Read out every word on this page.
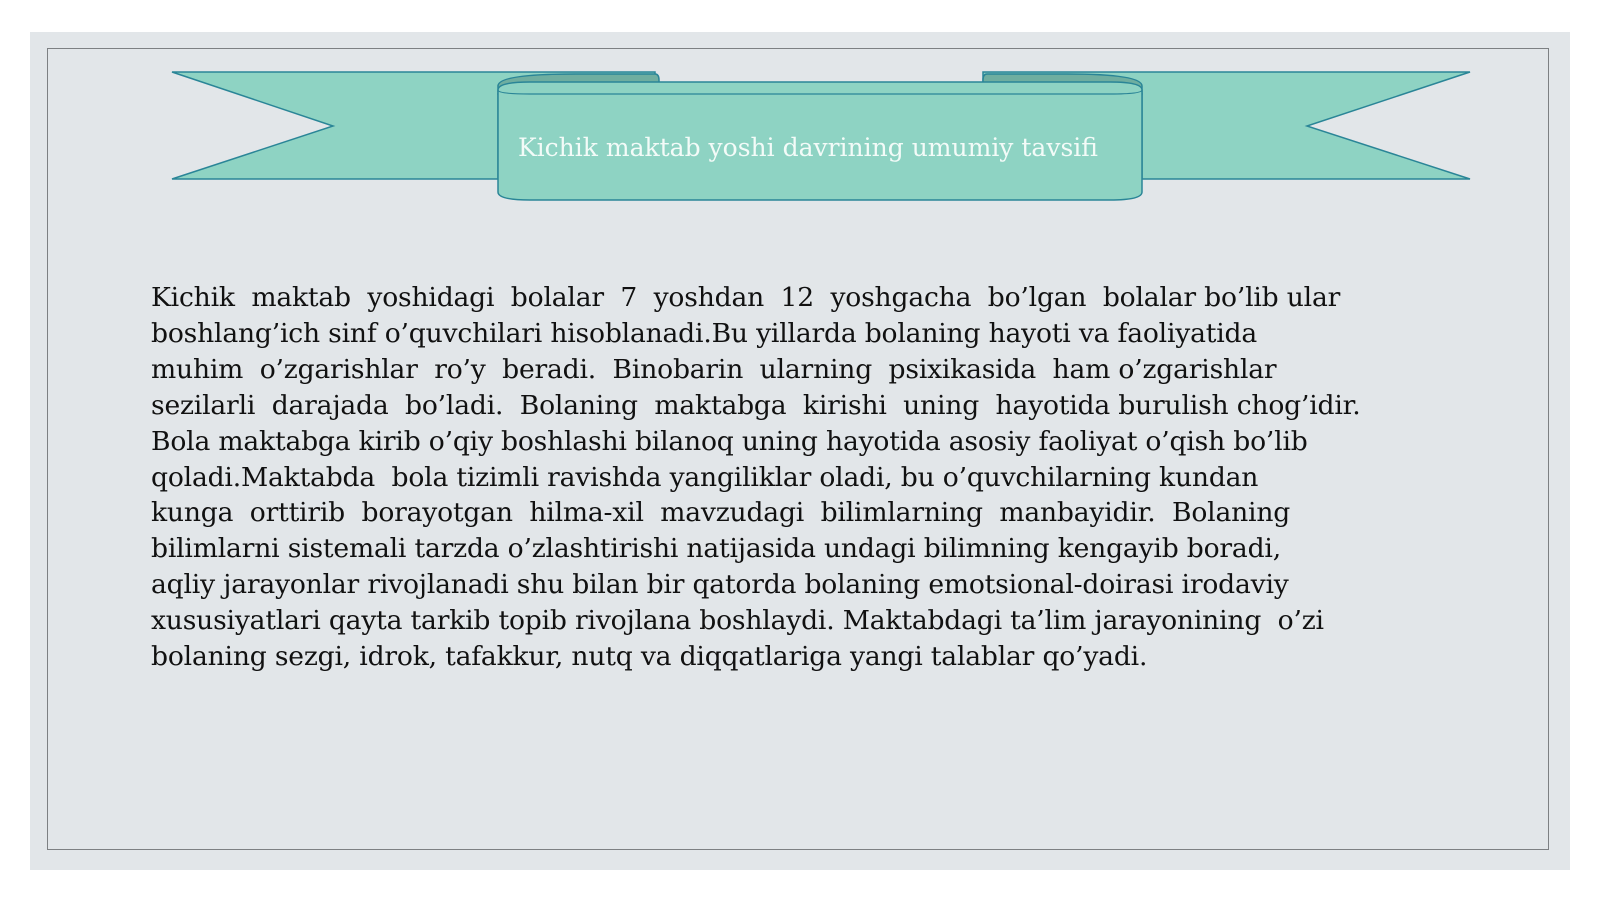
Kichik maktab yoshi davrining umumiy tavsifi
Kichik  maktab  yoshidagi  bolalar  7  yoshdan  12  yoshgacha  bo’lgan  bolalar bo’lib ular
boshlang’ich sinf o’quvchilari hisoblanadi.Bu yillarda bolaning hayoti va faoliyatida
muhim  o’zgarishlar  ro’y  beradi.  Binobarin  ularning  psixikasida  ham o’zgarishlar
sezilarli  darajada  bo’ladi.  Bolaning  maktabga  kirishi  uning  hayotida burulish chog’idir.
Bola maktabga kirib o’qiy boshlashi bilanoq uning hayotida asosiy faoliyat o’qish bo’lib
qoladi.Maktabda  bola tizimli ravishda yangiliklar oladi, bu o’quvchilarning kundan
kunga  orttirib  borayotgan  hilma-xil  mavzudagi  bilimlarning  manbayidir.  Bolaning
bilimlarni sistemali tarzda o’zlashtirishi natijasida undagi bilimning kengayib boradi,
aqliy jarayonlar rivojlanadi shu bilan bir qatorda bolaning emotsional-doirasi irodaviy
xususiyatlari qayta tarkib topib rivojlana boshlaydi. Maktabdagi ta’lim jarayonining  o’zi
bolaning sezgi, idrok, tafakkur, nutq va diqqatlariga yangi talablar qo’yadi.
